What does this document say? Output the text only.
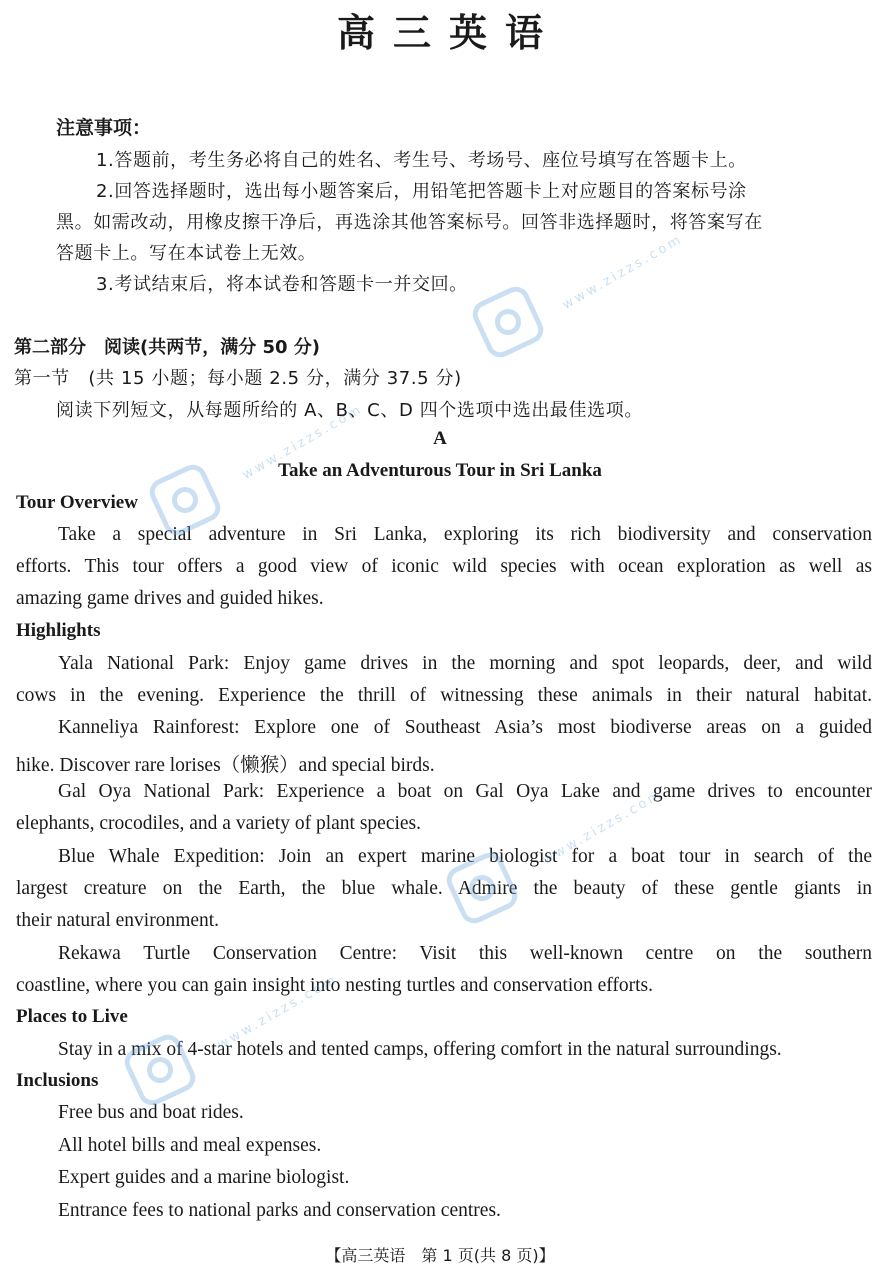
高三英语
注意事项：
1.答题前，考生务必将自己的姓名、考生号、考场号、座位号填写在答题卡上。
2.回答选择题时，选出每小题答案后，用铅笔把答题卡上对应题目的答案标号涂
黑。如需改动，用橡皮擦干净后，再选涂其他答案标号。回答非选择题时，将答案写在
答题卡上。写在本试卷上无效。
3.考试结束后，将本试卷和答题卡一并交回。
第二部分　阅读(共两节，满分 50 分)
第一节　(共 15 小题；每小题 2.5 分，满分 37.5 分)
阅读下列短文，从每题所给的 A、B、C、D 四个选项中选出最佳选项。
A
Take an Adventurous Tour in Sri Lanka
Tour Overview
Take a special adventure in Sri Lanka, exploring its rich biodiversity and conservation
efforts. This tour offers a good view of iconic wild species with ocean exploration as well as
amazing game drives and guided hikes.
Highlights
Yala National Park: Enjoy game drives in the morning and spot leopards, deer, and wild
cows in the evening. Experience the thrill of witnessing these animals in their natural habitat.
Kanneliya Rainforest: Explore one of Southeast Asia’s most biodiverse areas on a guided
hike. Discover rare lorises（懒猴）and special birds.
Gal Oya National Park: Experience a boat on Gal Oya Lake and game drives to encounter
elephants, crocodiles, and a variety of plant species.
Blue Whale Expedition: Join an expert marine biologist for a boat tour in search of the
largest creature on the Earth, the blue whale. Admire the beauty of these gentle giants in
their natural environment.
Rekawa Turtle Conservation Centre: Visit this well-known centre on the southern
coastline, where you can gain insight into nesting turtles and conservation efforts.
Places to Live
Stay in a mix of 4-star hotels and tented camps, offering comfort in the natural surroundings.
Inclusions
Free bus and boat rides.
All hotel bills and meal expenses.
Expert guides and a marine biologist.
Entrance fees to national parks and conservation centres.
【高三英语　第 1 页(共 8 页)】
www.zizzs.com
www.zizzs.com
www.zizzs.com
www.zizzs.com
